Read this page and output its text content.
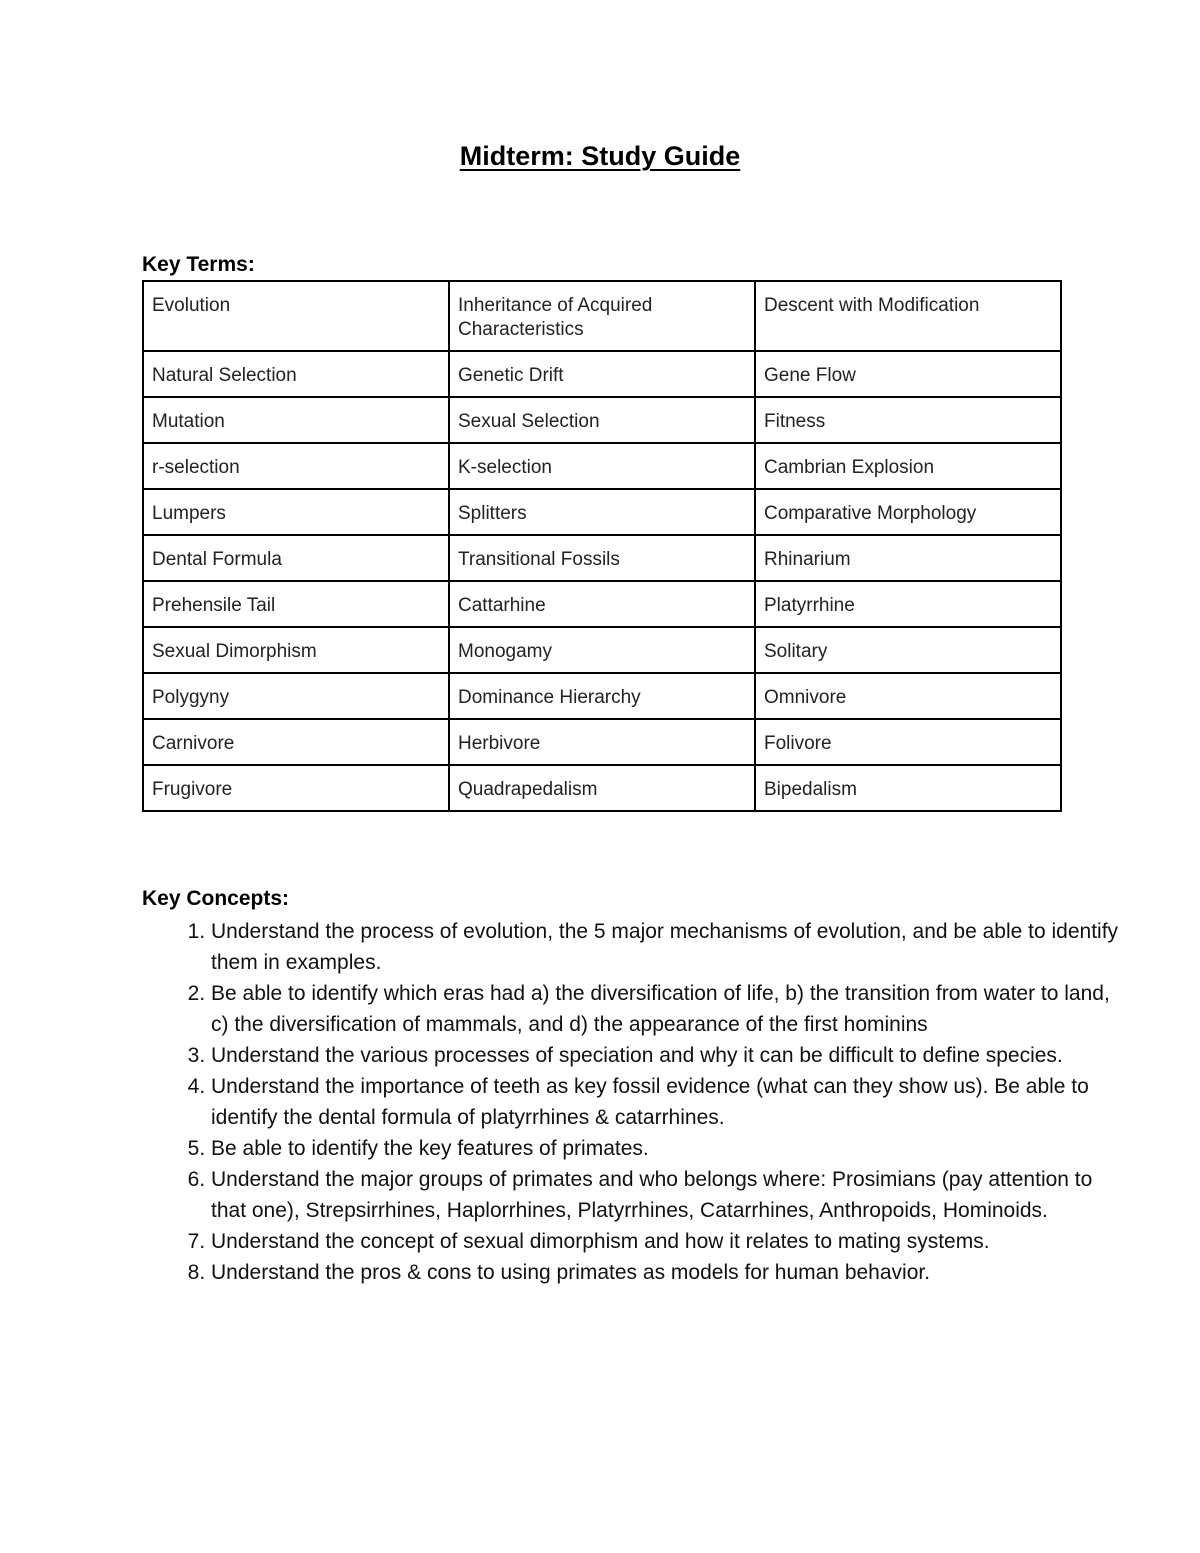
Midterm: Study Guide
Key Terms:
Evolution	Inheritance of Acquired Characteristics	Descent with Modification
Natural Selection	Genetic Drift	Gene Flow
Mutation	Sexual Selection	Fitness
r-selection	K-selection	Cambrian Explosion
Lumpers	Splitters	Comparative Morphology
Dental Formula	Transitional Fossils	Rhinarium
Prehensile Tail	Cattarhine	Platyrrhine
Sexual Dimorphism	Monogamy	Solitary
Polygyny	Dominance Hierarchy	Omnivore
Carnivore	Herbivore	Folivore
Frugivore	Quadrapedalism	Bipedalism
Key Concepts:
1. Understand the process of evolution, the 5 major mechanisms of evolution, and be able to identify them in examples.
2. Be able to identify which eras had a) the diversification of life, b) the transition from water to land, c) the diversification of mammals, and d) the appearance of the first hominins
3. Understand the various processes of speciation and why it can be difficult to define species.
4. Understand the importance of teeth as key fossil evidence (what can they show us). Be able to identify the dental formula of platyrrhines & catarrhines.
5. Be able to identify the key features of primates.
6. Understand the major groups of primates and who belongs where: Prosimians (pay attention to that one), Strepsirrhines, Haplorrhines, Platyrrhines, Catarrhines, Anthropoids, Hominoids.
7. Understand the concept of sexual dimorphism and how it relates to mating systems.
8. Understand the pros & cons to using primates as models for human behavior.
